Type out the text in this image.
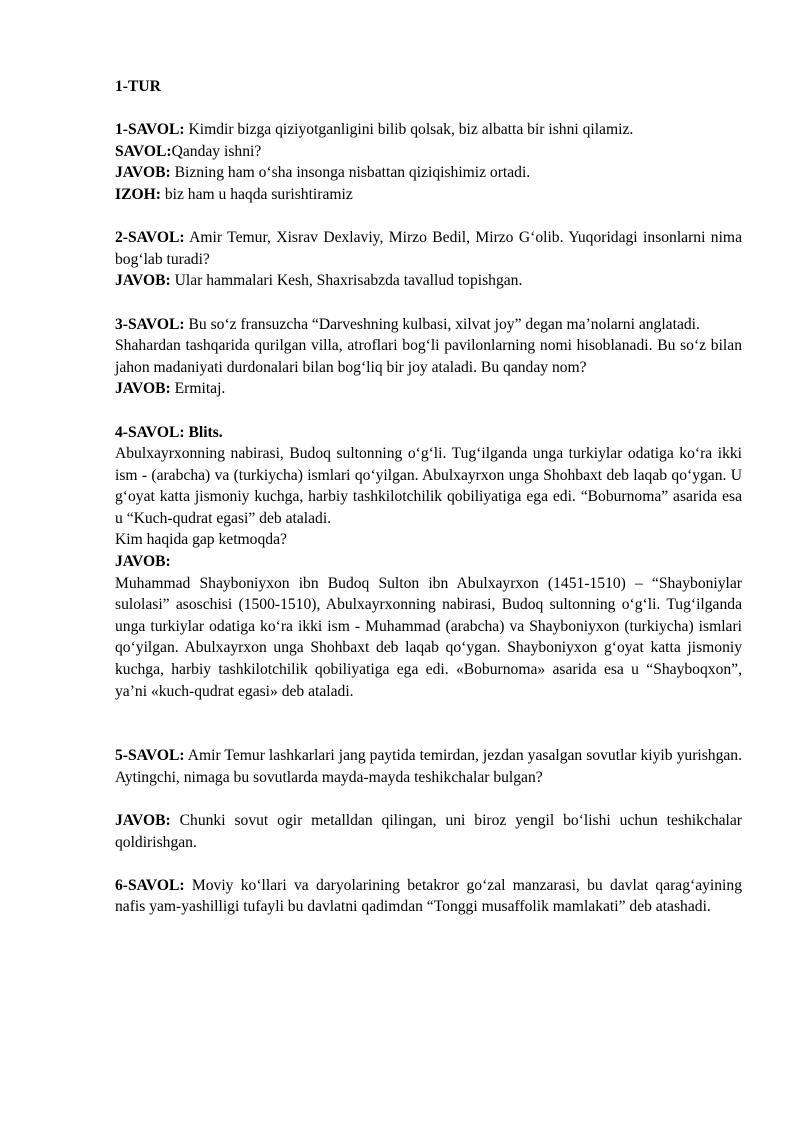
1-TUR

1-SAVOL: Kimdir bizga qiziyotganligini bilib qolsak, biz albatta bir ishni qilamiz.

SAVOL:Qanday ishni?

JAVOB: Bizning ham o‘sha insonga nisbattan qiziqishimiz ortadi.

IZOH: biz ham u haqda surishtiramiz

2-SAVOL: Amir Temur, Xisrav Dexlaviy, Mirzo Bedil, Mirzo G‘olib. Yuqoridagi insonlarni nima bog‘lab turadi?

JAVOB: Ular hammalari Kesh, Shaxrisabzda tavallud topishgan.

3-SAVOL: Bu so‘z fransuzcha “Darveshning kulbasi, xilvat joy” degan ma’nolarni anglatadi.

Shahardan tashqarida qurilgan villa, atroflari bog‘li pavilonlarning nomi hisoblanadi. Bu so‘z bilan jahon madaniyati durdonalari bilan bog‘liq bir joy ataladi. Bu qanday nom?

JAVOB: Ermitaj.

4-SAVOL: Blits.

Abulxayrxonning nabirasi, Budoq sultonning o‘g‘li. Tug‘ilganda unga turkiylar odatiga ko‘ra ikki ism - (arabcha) va (turkiycha) ismlari qo‘yilgan. Abulxayrxon unga Shohbaxt deb laqab qo‘ygan. U g‘oyat katta jismoniy kuchga, harbiy tashkilotchilik qobiliyatiga ega edi. “Boburnoma” asarida esa u “Kuch-qudrat egasi” deb ataladi.

Kim haqida gap ketmoqda?

JAVOB:

Muhammad Shayboniyxon ibn Budoq Sulton ibn Abulxayrxon (1451-1510) – “Shayboniylar sulolasi” asoschisi (1500-1510), Abulxayrxonning nabirasi, Budoq sultonning o‘g‘li. Tug‘ilganda unga turkiylar odatiga ko‘ra ikki ism - Muhammad (arabcha) va Shayboniyxon (turkiycha) ismlari qo‘yilgan. Abulxayrxon unga Shohbaxt deb laqab qo‘ygan. Shayboniyxon g‘oyat katta jismoniy kuchga, harbiy tashkilotchilik qobiliyatiga ega edi. «Boburnoma» asarida esa u “Shayboqxon”, ya’ni «kuch-qudrat egasi» deb ataladi.

5-SAVOL: Amir Temur lashkarlari jang paytida temirdan, jezdan yasalgan sovutlar kiyib yurishgan. Aytingchi, nimaga bu sovutlarda mayda-mayda teshikchalar bulgan?

JAVOB: Chunki sovut ogir metalldan qilingan, uni biroz yengil bo‘lishi uchun teshikchalar qoldirishgan.

6-SAVOL: Moviy ko‘llari va daryolarining betakror go‘zal manzarasi, bu davlat qarag‘ayining nafis yam-yashilligi tufayli bu davlatni qadimdan “Tonggi musaffolik mamlakati” deb atashadi.
